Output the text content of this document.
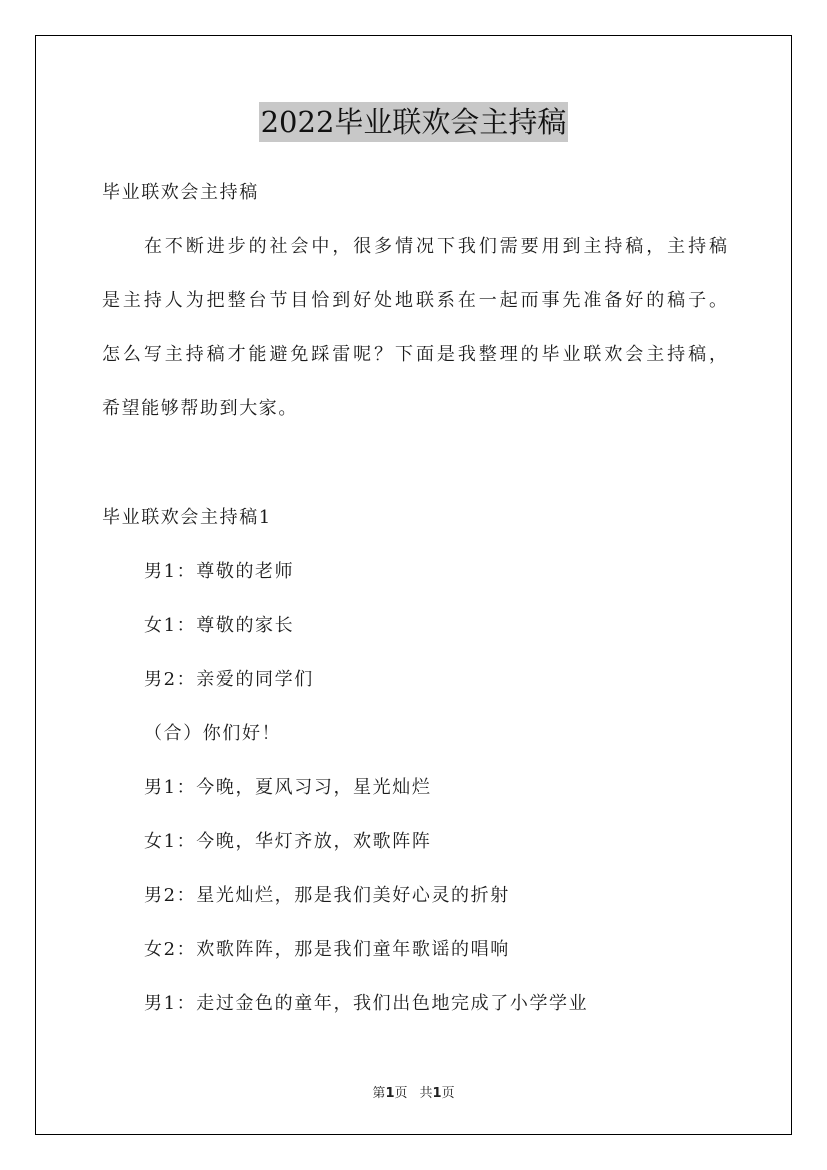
2022毕业联欢会主持稿
毕业联欢会主持稿
在不断进步的社会中，很多情况下我们需要用到主持稿，主持稿
是主持人为把整台节目恰到好处地联系在一起而事先准备好的稿子。
怎么写主持稿才能避免踩雷呢？下面是我整理的毕业联欢会主持稿，
希望能够帮助到大家。
毕业联欢会主持稿1
男1：尊敬的老师
女1：尊敬的家长
男2：亲爱的同学们
（合）你们好！
男1：今晚，夏风习习，星光灿烂
女1：今晚，华灯齐放，欢歌阵阵
男2：星光灿烂，那是我们美好心灵的折射
女2：欢歌阵阵，那是我们童年歌谣的唱响
男1：走过金色的童年，我们出色地完成了小学学业
第1页 共1页
